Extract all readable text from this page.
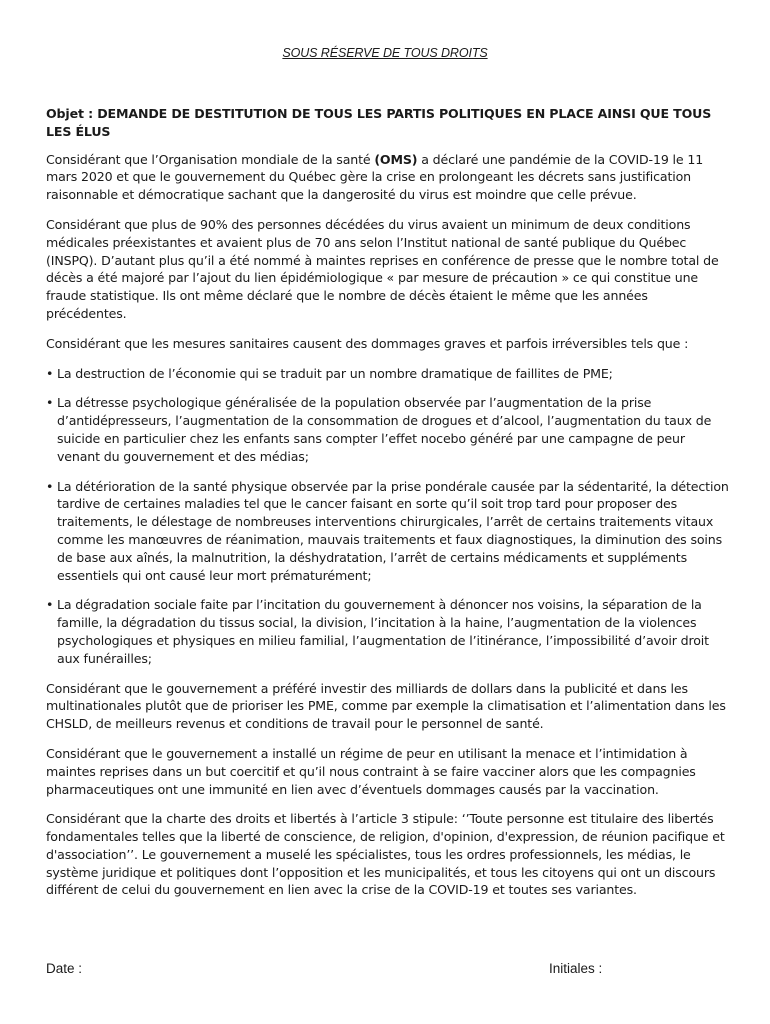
SOUS RÉSERVE DE TOUS DROITS

Objet : DEMANDE DE DESTITUTION DE TOUS LES PARTIS POLITIQUES EN PLACE AINSI QUE TOUS LES ÉLUS

Considérant que l’Organisation mondiale de la santé (OMS) a déclaré une pandémie de la COVID-19 le 11 mars 2020 et que le gouvernement du Québec gère la crise en prolongeant les décrets sans justification raisonnable et démocratique sachant que la dangerosité du virus est moindre que celle prévue.

Considérant que plus de 90% des personnes décédées du virus avaient un minimum de deux conditions médicales préexistantes et avaient plus de 70 ans selon l’Institut national de santé publique du Québec (INSPQ). D’autant plus qu’il a été nommé à maintes reprises en conférence de presse que le nombre total de décès a été majoré par l’ajout du lien épidémiologique « par mesure de précaution » ce qui constitue une fraude statistique. Ils ont même déclaré que le nombre de décès étaient le même que les années précédentes.

Considérant que les mesures sanitaires causent des dommages graves et parfois irréversibles tels que :

• La destruction de l’économie qui se traduit par un nombre dramatique de faillites de PME;
• La détresse psychologique généralisée de la population observée par l’augmentation de la prise d’antidépresseurs, l’augmentation de la consommation de drogues et d’alcool, l’augmentation du taux de suicide en particulier chez les enfants sans compter l’effet nocebo généré par une campagne de peur venant du gouvernement et des médias;
• La détérioration de la santé physique observée par la prise pondérale causée par la sédentarité, la détection tardive de certaines maladies tel que le cancer faisant en sorte qu’il soit trop tard pour proposer des traitements, le délestage de nombreuses interventions chirurgicales, l’arrêt de certains traitements vitaux comme les manœuvres de réanimation, mauvais traitements et faux diagnostiques, la diminution des soins de base aux aînés, la malnutrition, la déshydratation, l’arrêt de certains médicaments et suppléments essentiels qui ont causé leur mort prématurément;
• La dégradation sociale faite par l’incitation du gouvernement à dénoncer nos voisins, la séparation de la famille, la dégradation du tissus social, la division, l’incitation à la haine, l’augmentation de la violences psychologiques et physiques en milieu familial, l’augmentation de l’itinérance, l’impossibilité d’avoir droit aux funérailles;

Considérant que le gouvernement a préféré investir des milliards de dollars dans la publicité et dans les multinationales plutôt que de prioriser les PME, comme par exemple la climatisation et l’alimentation dans les CHSLD, de meilleurs revenus et conditions de travail pour le personnel de santé.

Considérant que le gouvernement a installé un régime de peur en utilisant la menace et l’intimidation à maintes reprises dans un but coercitif et qu’il nous contraint à se faire vacciner alors que les compagnies pharmaceutiques ont une immunité en lien avec d’éventuels dommages causés par la vaccination.

Considérant que la charte des droits et libertés à l’article 3 stipule: ‘’Toute personne est titulaire des libertés fondamentales telles que la liberté de conscience, de religion, d'opinion, d'expression, de réunion pacifique et d'association’’. Le gouvernement a muselé les spécialistes, tous les ordres professionnels, les médias, le système juridique et politiques dont l’opposition et les municipalités, et tous les citoyens qui ont un discours différent de celui du gouvernement en lien avec la crise de la COVID-19 et toutes ses variantes.

Date :	Initiales :
